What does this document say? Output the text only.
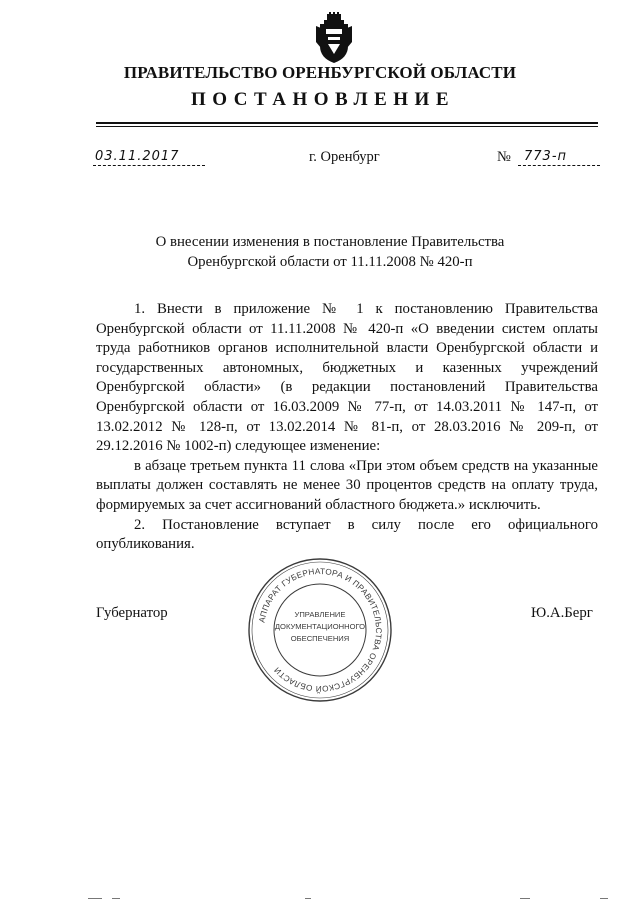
ПРАВИТЕЛЬСТВО ОРЕНБУРГСКОЙ ОБЛАСТИ
ПОСТАНОВЛЕНИЕ
03.11.2017	г. Оренбург	№ 773-п
О внесении изменения в постановление Правительства
Оренбургской области от 11.11.2008 № 420-п

1. Внести в приложение № 1 к постановлению Правительства Оренбургской области от 11.11.2008 № 420-п «О введении систем оплаты труда работников органов исполнительной власти Оренбургской области и государственных автономных, бюджетных и казенных учреждений Оренбургской области» (в редакции постановлений Правительства Оренбургской области от 16.03.2009 № 77-п, от 14.03.2011 № 147-п, от 13.02.2012 № 128-п, от 13.02.2014 № 81-п, от 28.03.2016 № 209-п, от 29.12.2016 № 1002-п) следующее изменение:

в абзаце третьем пункта 11 слова «При этом объем средств на указанные выплаты должен составлять не менее 30 процентов средств на оплату труда, формируемых за счет ассигнований областного бюджета.» исключить.

2. Постановление вступает в силу после его официального опубликования.

АППАРАТ ГУБЕРНАТОРА И ПРАВИТЕЛЬСТВА ОРЕНБУРГСКОЙ ОБЛАСТИ
УПРАВЛЕНИЕ
ДОКУМЕНТАЦИОННОГО
ОБЕСПЕЧЕНИЯ
Губернатор	Ю.А.Берг
